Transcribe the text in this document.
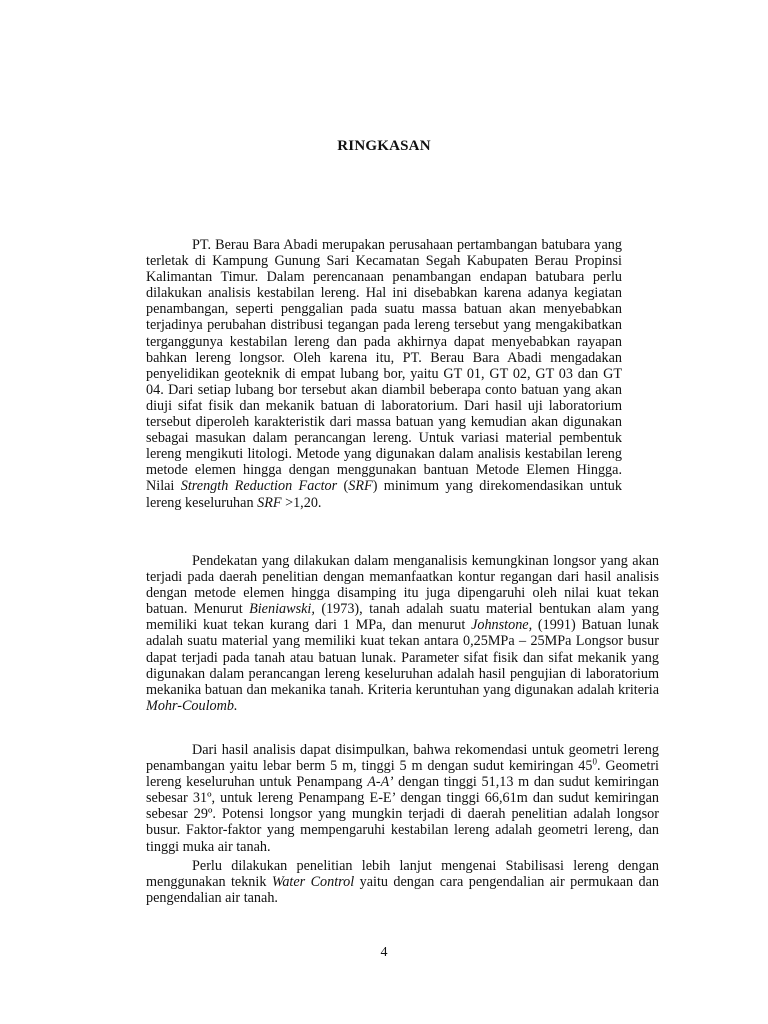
RINGKASAN

PT. Berau Bara Abadi merupakan perusahaan pertambangan batubara yang terletak di Kampung Gunung Sari Kecamatan Segah Kabupaten Berau Propinsi Kalimantan Timur. Dalam perencanaan penambangan endapan batubara perlu dilakukan analisis kestabilan lereng. Hal ini disebabkan karena adanya kegiatan penambangan, seperti penggalian pada suatu massa batuan akan menyebabkan terjadinya perubahan distribusi tegangan pada lereng tersebut yang mengakibatkan terganggunya kestabilan lereng dan pada akhirnya dapat menyebabkan rayapan bahkan lereng longsor. Oleh karena itu, PT. Berau Bara Abadi mengadakan penyelidikan geoteknik di empat lubang bor, yaitu GT 01, GT 02, GT 03 dan GT 04. Dari setiap lubang bor tersebut akan diambil beberapa conto batuan yang akan diuji sifat fisik dan mekanik batuan di laboratorium. Dari hasil uji laboratorium tersebut diperoleh karakteristik dari massa batuan yang kemudian akan digunakan sebagai masukan dalam perancangan lereng. Untuk variasi material pembentuk lereng mengikuti litologi. Metode yang digunakan dalam analisis kestabilan lereng metode elemen hingga dengan menggunakan bantuan Metode Elemen Hingga. Nilai Strength Reduction Factor (SRF) minimum yang direkomendasikan untuk lereng keseluruhan SRF >1,20.

Pendekatan yang dilakukan dalam menganalisis kemungkinan longsor yang akan terjadi pada daerah penelitian dengan memanfaatkan kontur regangan dari hasil analisis dengan metode elemen hingga disamping itu juga dipengaruhi oleh nilai kuat tekan batuan. Menurut Bieniawski, (1973), tanah adalah suatu material bentukan alam yang memiliki kuat tekan kurang dari 1 MPa, dan menurut Johnstone, (1991) Batuan lunak adalah suatu material yang memiliki kuat tekan antara 0,25MPa – 25MPa Longsor busur dapat terjadi pada tanah atau batuan lunak. Parameter sifat fisik dan sifat mekanik yang digunakan dalam perancangan lereng keseluruhan adalah hasil pengujian di laboratorium mekanika batuan dan mekanika tanah. Kriteria keruntuhan yang digunakan adalah kriteria Mohr-Coulomb.

Dari hasil analisis dapat disimpulkan, bahwa rekomendasi untuk geometri lereng penambangan yaitu lebar berm 5 m, tinggi 5 m dengan sudut kemiringan $45^0$. Geometri lereng keseluruhan untuk Penampang A-A’ dengan tinggi 51,13 m dan sudut kemiringan sebesar 31º, untuk lereng Penampang E-E’ dengan tinggi 66,61m dan sudut kemiringan sebesar 29º. Potensi longsor yang mungkin terjadi di daerah penelitian adalah longsor busur. Faktor-faktor yang mempengaruhi kestabilan lereng adalah geometri lereng, dan tinggi muka air tanah.

Perlu dilakukan penelitian lebih lanjut mengenai Stabilisasi lereng dengan menggunakan teknik Water Control yaitu dengan cara pengendalian air permukaan dan pengendalian air tanah.

4
